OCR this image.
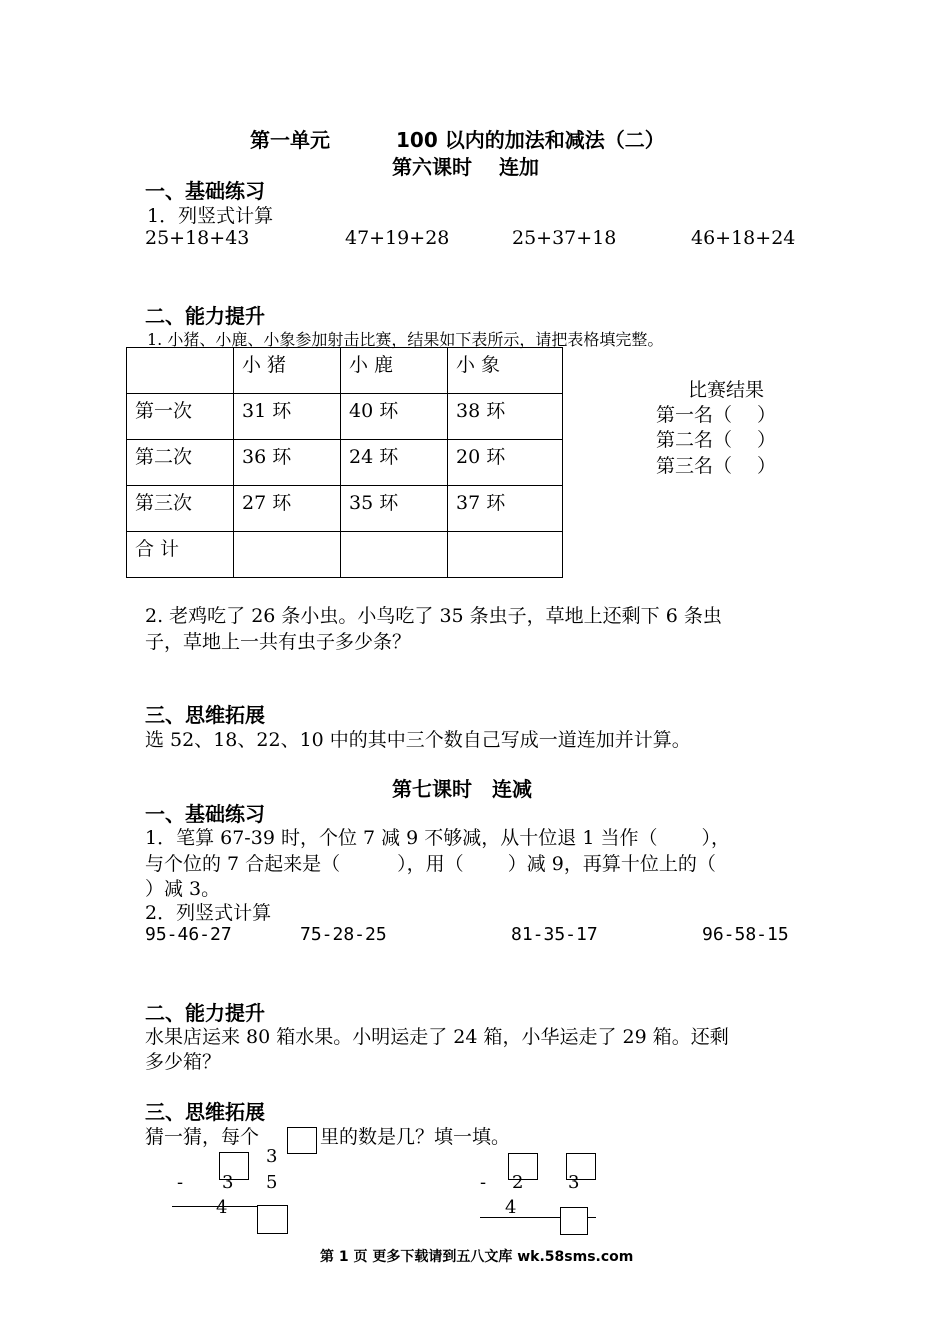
第一单元	100 以内的加法和减法（二）
第六课时　 连加
一、基础练习
1．列竖式计算
25+18+43	47+19+28	25+37+18	46+18+24
二、能力提升
1. 小猪、小鹿、小象参加射击比赛，结果如下表所示，请把表格填完整。
	小 猪	小 鹿	小 象
第一次	31 环	40 环	38 环
第二次	36 环	24 环	20 环
第三次	27 环	35 环	37 环
合 计			
比赛结果
第一名（　 ）
第二名（　 ）
第三名（　 ）
2. 老鸡吃了 26 条小虫。小鸟吃了 35 条虫子，草地上还剩下 6 条虫
子，草地上一共有虫子多少条？
三、思维拓展
选 52、18、22、10 中的其中三个数自己写成一道连加并计算。
第七课时　连减
一、基础练习
1．笔算 67-39 时，个位 7 减 9 不够减，从十位退 1 当作（　　 ），
与个位的 7 合起来是（　　　），用（　　 ）减 9，再算十位上的（
）减 3。
2．列竖式计算
95-46-27	75-28-25	81-35-17	96-58-15
二、能力提升
水果店运来 80 箱水果。小明运走了 24 箱，小华运走了 29 箱。还剩
多少箱？
三、思维拓展
猜一猜，每个	里的数是几？填一填。
3
- 3 5
4
- 2 3
4
第 1 页 更多下载请到五八文库 wk.58sms.com
